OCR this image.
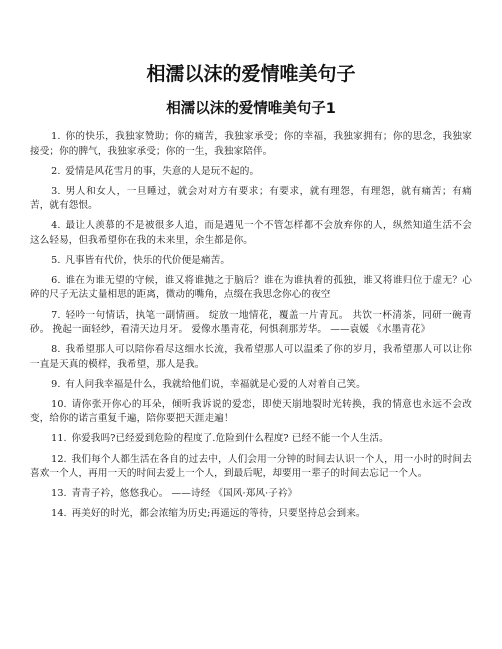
相濡以沫的爱情唯美句子
相濡以沫的爱情唯美句子1
1. 你的快乐，我独家赞助；你的痛苦，我独家承受；你的幸福，我独家拥有；你的思念，我独家接受；你的脾气，我独家承受；你的一生，我独家陪伴。
2. 爱情是风花雪月的事，失意的人是玩不起的。
3. 男人和女人，一旦睡过，就会对对方有要求；有要求，就有理怨，有理怨，就有痛苦；有痛苦，就有怨恨。
4. 最让人羡慕的不是被很多人追，而是遇见一个不管怎样都不会放弃你的人，纵然知道生活不会这么轻易，但我希望你在我的未来里，余生都是你。
5. 凡事皆有代价，快乐的代价便是痛苦。
6. 谁在为谁无望的守候，谁又将谁抛之于脑后？谁在为谁执着的孤独，谁又将谁归位于虚无？心碎的尺子无法丈量相思的距离，微动的嘴角，点缀在我思念你心的夜空
7. 轻吟一句情话，执笔一副情画。 绽放一地情花，覆盖一片青瓦。 共饮一杯清茶，同研一碗青砂。 挽起一面轻纱，看清天边月牙。 爱像水墨青花，何惧刹那芳华。 ——袁媛 《水墨青花》
8. 我希望那人可以陪你看尽这细水长流，我希望那人可以温柔了你的岁月，我希望那人可以让你一直是天真的模样，我希望，那人是我。
9. 有人问我幸福是什么，我就给他们说，幸福就是心爱的人对着自己笑。
10. 请你张开你心的耳朵，倾听我诉说的爱恋，即使天崩地裂时光转换，我的情意也永远不会改变，给你的诺言重复千遍，陪你要把天涯走遍！
11. 你爱我吗?已经爱到危险的程度了.危险到什么程度? 已经不能一个人生活。
12. 我们每个人都生活在各自的过去中，人们会用一分钟的时间去认识一个人，用一小时的时间去喜欢一个人，再用一天的时间去爱上一个人，到最后呢，却要用一辈子的时间去忘记一个人。
13. 青青子衿，悠悠我心。 ——诗经 《国风·郑风·子衿》
14. 再美好的时光，都会浓缩为历史;再遥远的等待，只要坚持总会到来。
